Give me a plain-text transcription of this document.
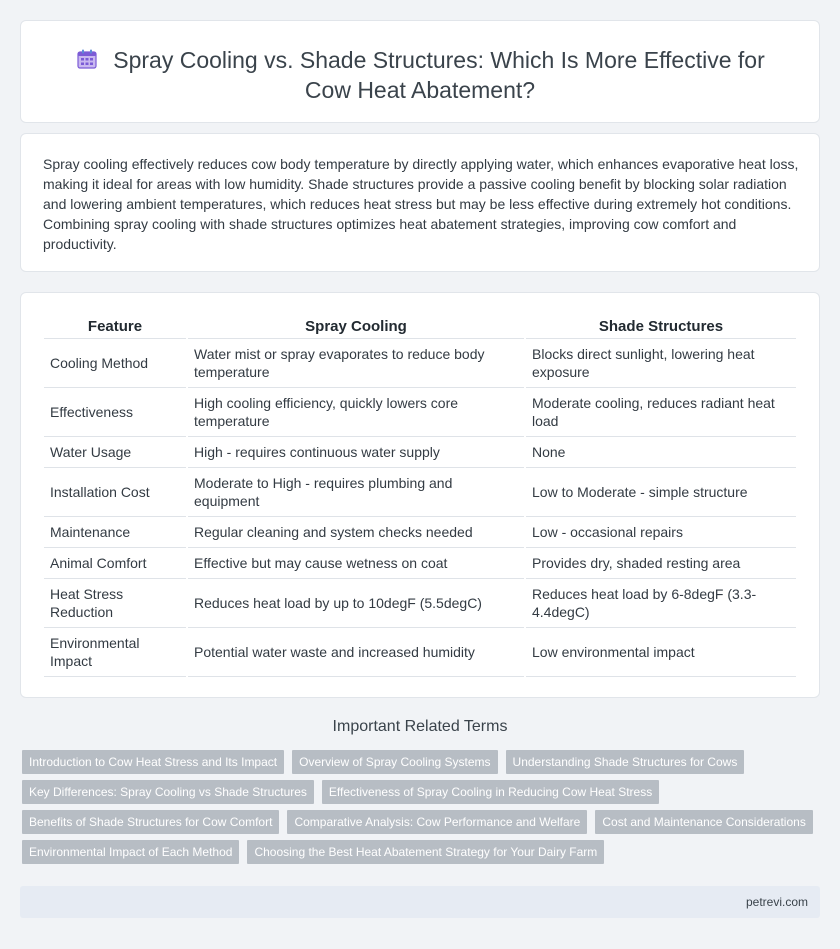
Spray Cooling vs. Shade Structures: Which Is More Effective for Cow Heat Abatement?

Spray cooling effectively reduces cow body temperature by directly applying water, which enhances evaporative heat loss, making it ideal for areas with low humidity. Shade structures provide a passive cooling benefit by blocking solar radiation and lowering ambient temperatures, which reduces heat stress but may be less effective during extremely hot conditions. Combining spray cooling with shade structures optimizes heat abatement strategies, improving cow comfort and productivity.

Feature	Spray Cooling	Shade Structures
Cooling Method	Water mist or spray evaporates to reduce body temperature	Blocks direct sunlight, lowering heat exposure
Effectiveness	High cooling efficiency, quickly lowers core temperature	Moderate cooling, reduces radiant heat load
Water Usage	High - requires continuous water supply	None
Installation Cost	Moderate to High - requires plumbing and equipment	Low to Moderate - simple structure
Maintenance	Regular cleaning and system checks needed	Low - occasional repairs
Animal Comfort	Effective but may cause wetness on coat	Provides dry, shaded resting area
Heat Stress Reduction	Reduces heat load by up to 10degF (5.5degC)	Reduces heat load by 6-8degF (3.3-4.4degC)
Environmental Impact	Potential water waste and increased humidity	Low environmental impact
Important Related Terms
Introduction to Cow Heat Stress and Its Impact	Overview of Spray Cooling Systems	Understanding Shade Structures for Cows
Key Differences: Spray Cooling vs Shade Structures	Effectiveness of Spray Cooling in Reducing Cow Heat Stress
Benefits of Shade Structures for Cow Comfort	Comparative Analysis: Cow Performance and Welfare	Cost and Maintenance Considerations
Environmental Impact of Each Method	Choosing the Best Heat Abatement Strategy for Your Dairy Farm
petrevi.com
